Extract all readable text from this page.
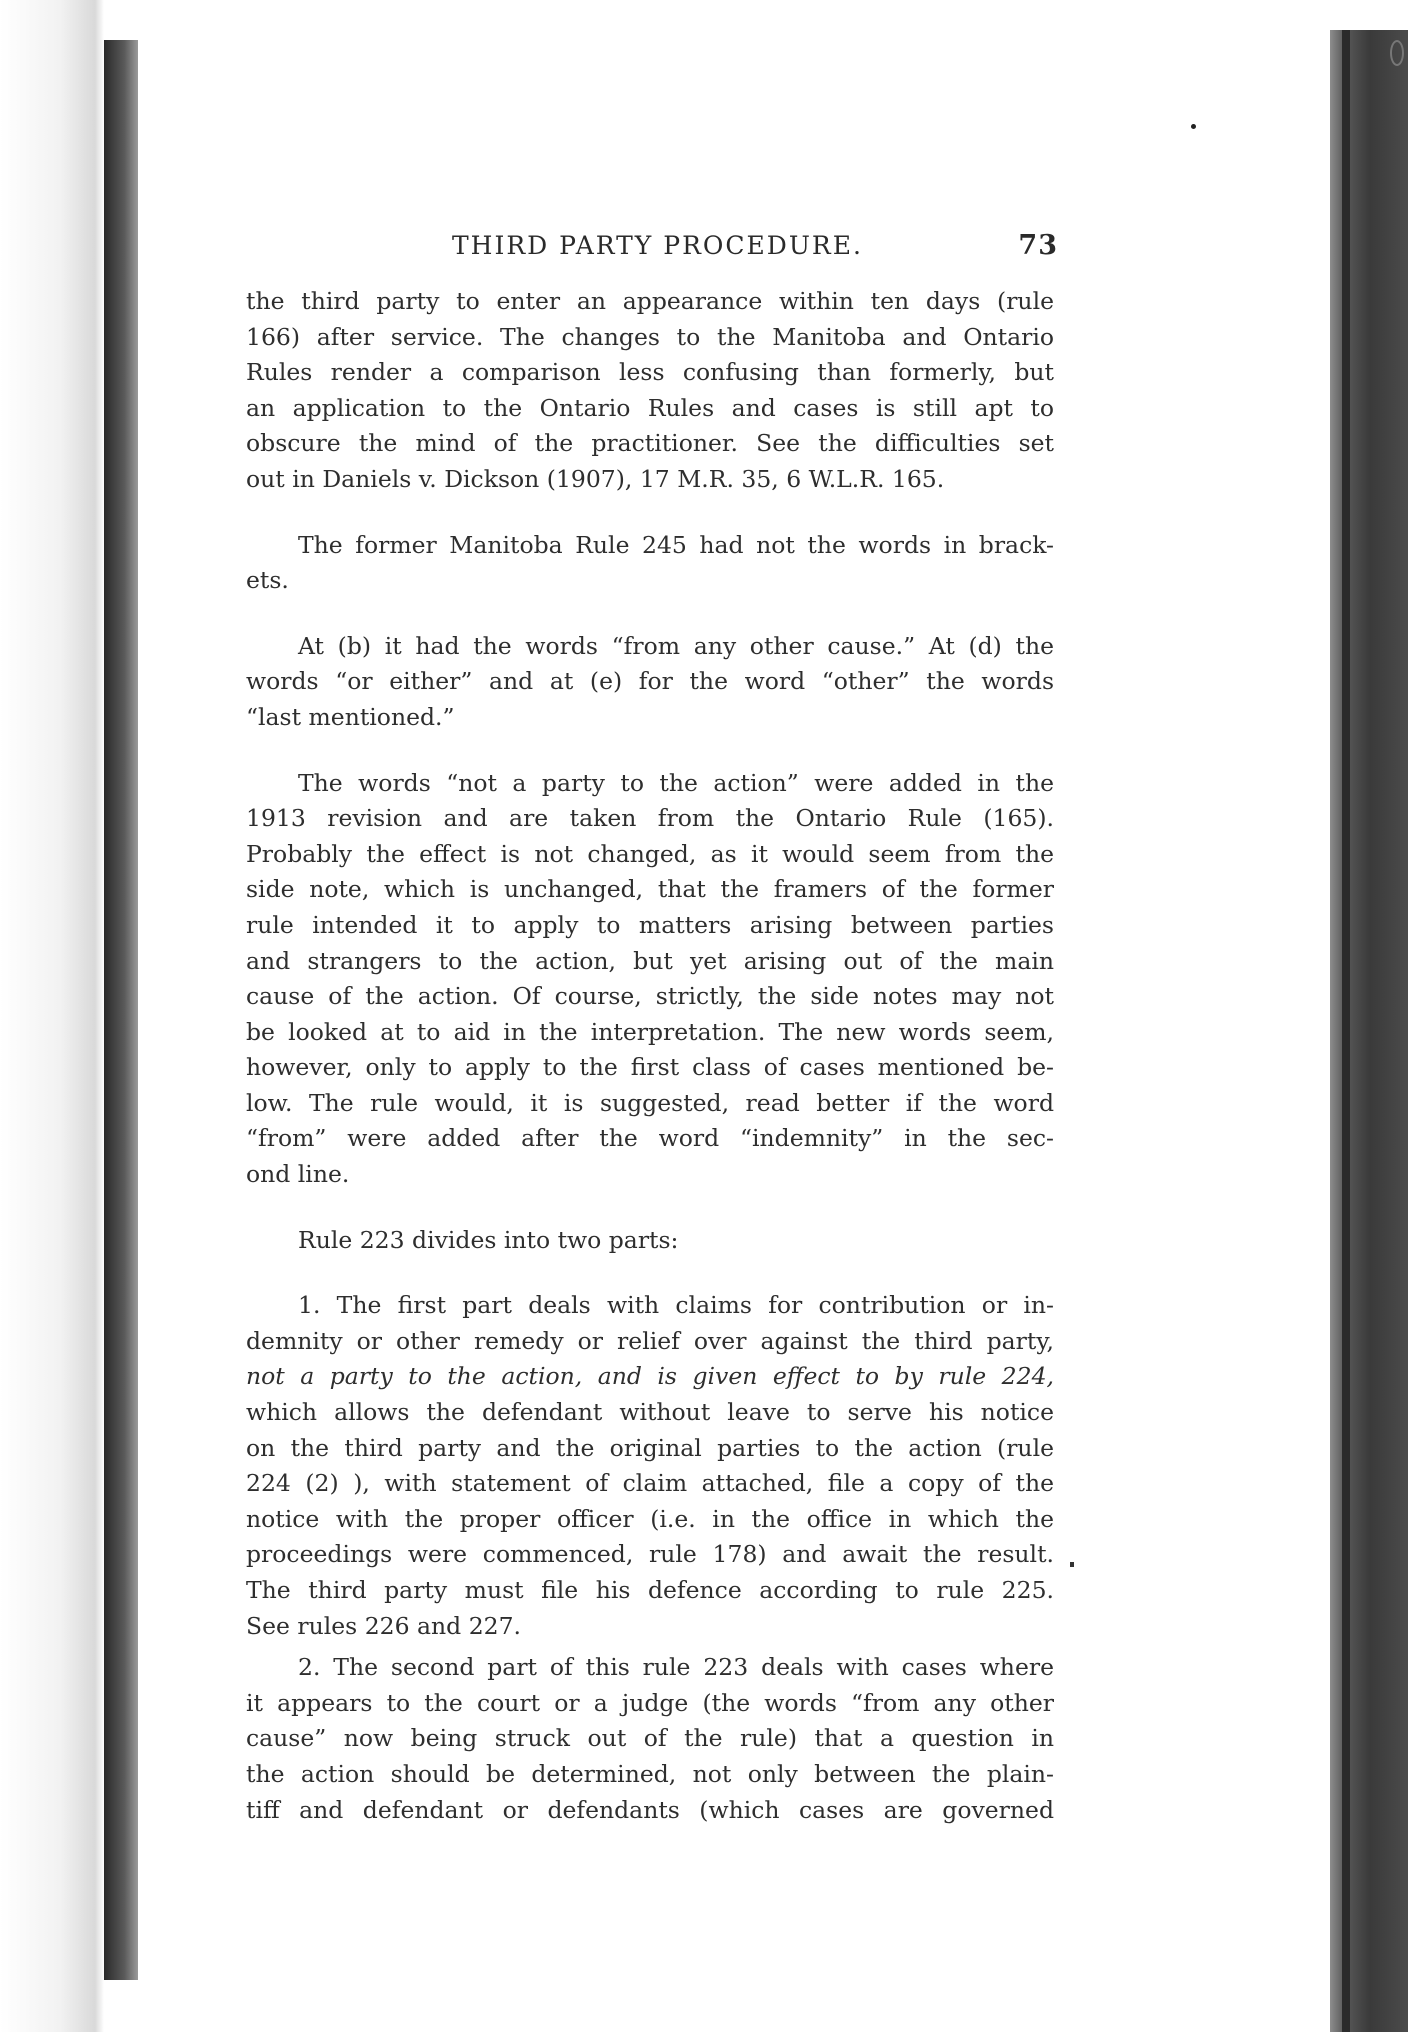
THIRD PARTY PROCEDURE.	73

the third party to enter an appearance within ten days (rule
166) after service. The changes to the Manitoba and Ontario
Rules render a comparison less confusing than formerly, but
an application to the Ontario Rules and cases is still apt to
obscure the mind of the practitioner. See the difficulties set
out in Daniels v. Dickson (1907), 17 M.R. 35, 6 W.L.R. 165.

The former Manitoba Rule 245 had not the words in brack-
ets.

At (b) it had the words “from any other cause.” At (d) the
words “or either” and at (e) for the word “other” the words
“last mentioned.”

The words “not a party to the action” were added in the
1913 revision and are taken from the Ontario Rule (165).
Probably the effect is not changed, as it would seem from the
side note, which is unchanged, that the framers of the former
rule intended it to apply to matters arising between parties
and strangers to the action, but yet arising out of the main
cause of the action. Of course, strictly, the side notes may not
be looked at to aid in the interpretation. The new words seem,
however, only to apply to the first class of cases mentioned be-
low. The rule would, it is suggested, read better if the word
“from” were added after the word “indemnity” in the sec-
ond line.

Rule 223 divides into two parts:

1. The first part deals with claims for contribution or in-
demnity or other remedy or relief over against the third party,
not a party to the action, and is given effect to by rule 224,
which allows the defendant without leave to serve his notice
on the third party and the original parties to the action (rule
224 (2) ), with statement of claim attached, file a copy of the
notice with the proper officer (i.e. in the office in which the
proceedings were commenced, rule 178) and await the result.
The third party must file his defence according to rule 225.
See rules 226 and 227.

2. The second part of this rule 223 deals with cases where
it appears to the court or a judge (the words “from any other
cause” now being struck out of the rule) that a question in
the action should be determined, not only between the plain-
tiff and defendant or defendants (which cases are governed
